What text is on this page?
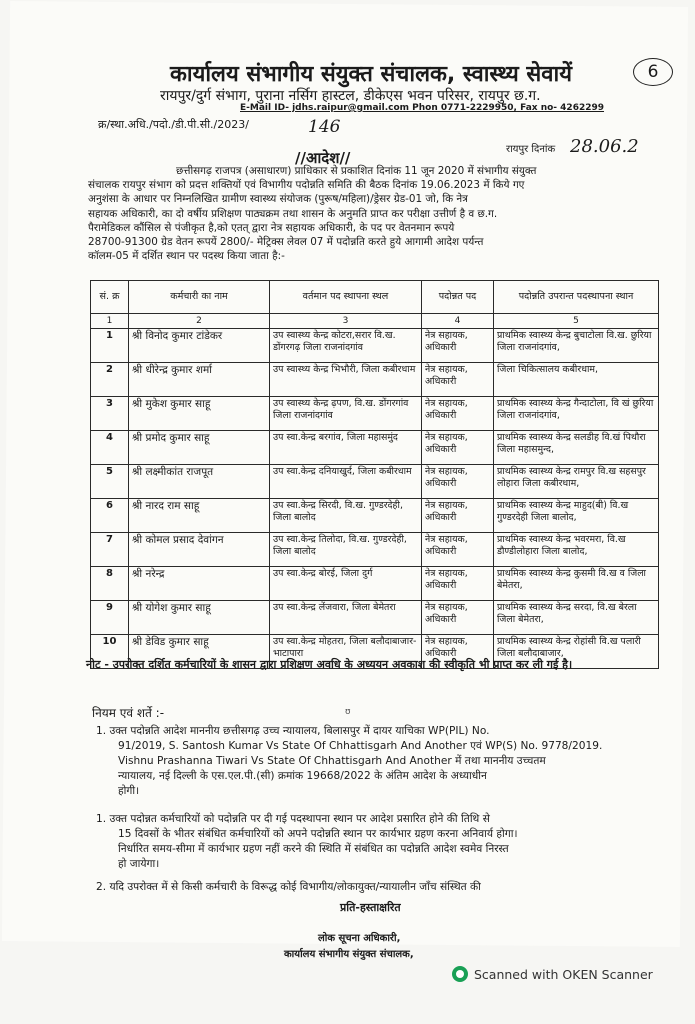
6
कार्यालय संभागीय संयुक्त संचालक, स्वास्थ्य सेवायें
रायपुर/दुर्ग संभाग, पुराना नर्सिग हास्टल, डीकेएस भवन परिसर, रायपुर छ.ग.
E-Mail ID- jdhs.raipur@gmail.com Phon 0771-2229950, Fax no- 4262299
क्र/स्था.अधि./पदो./डी.पी.सी./2023/	146
रायपुर दिनांक 28.06.2
//आदेश//
छत्तीसगढ़ राजपत्र (असाधारण) प्राधिकार से प्रकाशित दिनांक 11 जून 2020 में संभागीय संयुक्त
संचालक रायपुर संभाग को प्रदत्त शक्तियों एवं विभागीय पदोन्नति समिति की बैठक दिनांक 19.06.2023 में किये गए
अनुशंसा के आधार पर निम्नलिखित ग्रामीण स्वास्थ्य संयोजक (पुरूष/महिला)/ड्रेसर ग्रेड-01 जो, कि नेत्र
सहायक अधिकारी, का दो वर्षीय प्रशिक्षण पाठ्यक्रम तथा शासन के अनुमति प्राप्त कर परीक्षा उत्तीर्ण है व छ.ग.
पैरामेडिकल कौंसिल से पंजीकृत है,को एतत् द्वारा नेत्र सहायक अधिकारी, के पद पर वेतनमान रूपये
28700-91300 ग्रेड वेतन रूपयें 2800/- मेट्रिक्स लेवल 07 में पदोन्नति करते हुये आगामी आदेश पर्यन्त
कॉलम-05 में दर्शित स्थान पर पदस्थ किया जाता है:-
सं. क्र	कर्मचारी का नाम	वर्तमान पद स्थापना स्थल	पदोन्नत पद	पदोन्नति उपरान्त पदस्थापना स्थान
1	2	3	4	5
1	श्री विनोद कुमार टांडेकर	उप स्वास्थ्य केन्द्र कोटरा,सरार वि.ख. डोंगरगढ़ जिला राजनांदगांव	नेत्र सहायक, अधिकारी	प्राथमिक स्वास्थ्य केन्द्र बुचाटोला वि.ख. छुरिया जिला राजनांदगांव,
2	श्री धीरेन्द्र कुमार शर्मा	उप स्वास्थ्य केन्द्र भिभौरी, जिला कबीरधाम	नेत्र सहायक, अधिकारी	जिला चिकित्सालय कबीरधाम,
3	श्री मुकेश कुमार साहू	उप स्वास्थ्य केन्द्र ढ़पण, वि.ख. डोंगरगांव जिला राजनांदगांव	नेत्र सहायक, अधिकारी	प्राथमिक स्वास्थ्य केन्द्र गैन्दाटोला, वि खं छुरिया जिला राजनांदगांव,
4	श्री प्रमोद कुमार साहू	उप स्वा.केन्द्र बरगांव, जिला महासमुंद	नेत्र सहायक, अधिकारी	प्राथमिक स्वास्थ्य केन्द्र सलडीह वि.खं पिथौरा जिला महासमुन्द,
5	श्री लक्ष्मीकांत राजपूत	उप स्वा.केन्द्र दनियाखुर्द, जिला कबीरधाम	नेत्र सहायक, अधिकारी	प्राथमिक स्वास्थ्य केन्द्र रामपुर वि.ख सहसपुर लोहारा जिला कबीरधाम,
6	श्री नारद राम साहू	उप स्वा.केन्द्र सिरदी, वि.ख. गुण्डरदेही, जिला बालोद	नेत्र सहायक, अधिकारी	प्राथमिक स्वास्थ्य केन्द्र माहुद(बी) वि.ख गुण्डरदेही जिला बालोद,
7	श्री कोमल प्रसाद देवांगन	उप स्वा.केन्द्र तिलोदा, वि.ख. गुण्डरदेही, जिला बालोद	नेत्र सहायक, अधिकारी	प्राथमिक स्वास्थ्य केन्द्र भवरमरा, वि.ख डौण्डीलोहारा जिला बालोद,
8	श्री नरेन्द्र	उप स्वा.केन्द्र बोरई, जिला दुर्ग	नेत्र सहायक, अधिकारी	प्राथमिक स्वास्थ्य केन्द्र कुसमी वि.ख व जिला बेमेतरा,
9	श्री योगेश कुमार साहू	उप स्वा.केन्द्र लेंजवारा, जिला बेमेतरा	नेत्र सहायक, अधिकारी	प्राथमिक स्वास्थ्य केन्द्र सरदा, वि.ख बेरला जिला बेमेतरा,
10	श्री डेविड कुमार साहू	उप स्वा.केन्द्र मोहतरा, जिला बलौदाबाजार- भाटापारा	नेत्र सहायक, अधिकारी	प्राथमिक स्वास्थ्य केन्द्र रोहांसी वि.ख पलारी जिला बलौदाबाजार,
नोट - उपरोक्त दर्शित कर्मचारियों के शासन द्वारा प्रशिक्षण अवधि के अध्ययन अवकाश की स्वीकृति भी प्राप्त कर ली गई है।
ʊ
नियम एवं शर्ते :-
1. उक्त पदोन्नति आदेश माननीय छत्तीसगढ़ उच्च न्यायालय, बिलासपुर में दायर याचिका WP(PIL) No.
91/2019, S. Santosh Kumar Vs State Of Chhattisgarh And Another एवं WP(S) No. 9778/2019.
Vishnu Prashanna Tiwari Vs State Of Chhattisgarh And Another में तथा माननीय उच्चतम
न्यायालय, नई दिल्ली के एस.एल.पी.(सी) क्रमांक 19668/2022 के अंतिम आदेश के अध्याधीन
होगी।
1. उक्त पदोन्नत कर्मचारियों को पदोन्नति पर दी गई पदस्थापना स्थान पर आदेश प्रसारित होने की तिथि से
15 दिवसों के भीतर संबंधित कर्मचारियों को अपने पदोन्नति स्थान पर कार्यभार ग्रहण करना अनिवार्य होगा।
निर्धारित समय-सीमा में कार्यभार ग्रहण नहीं करने की स्थिति में संबंधित का पदोन्नति आदेश स्वमेव निरस्त
हो जायेगा।
2. यदि उपरोक्त में से किसी कर्मचारी के विरूद्ध कोई विभागीय/लोकायुक्त/न्यायालीन जाँच संस्थित की
प्रति-हस्ताक्षरित
लोक सूचना अधिकारी,
कार्यालय संभागीय संयुक्त संचालक,
Scanned with OKEN Scanner
